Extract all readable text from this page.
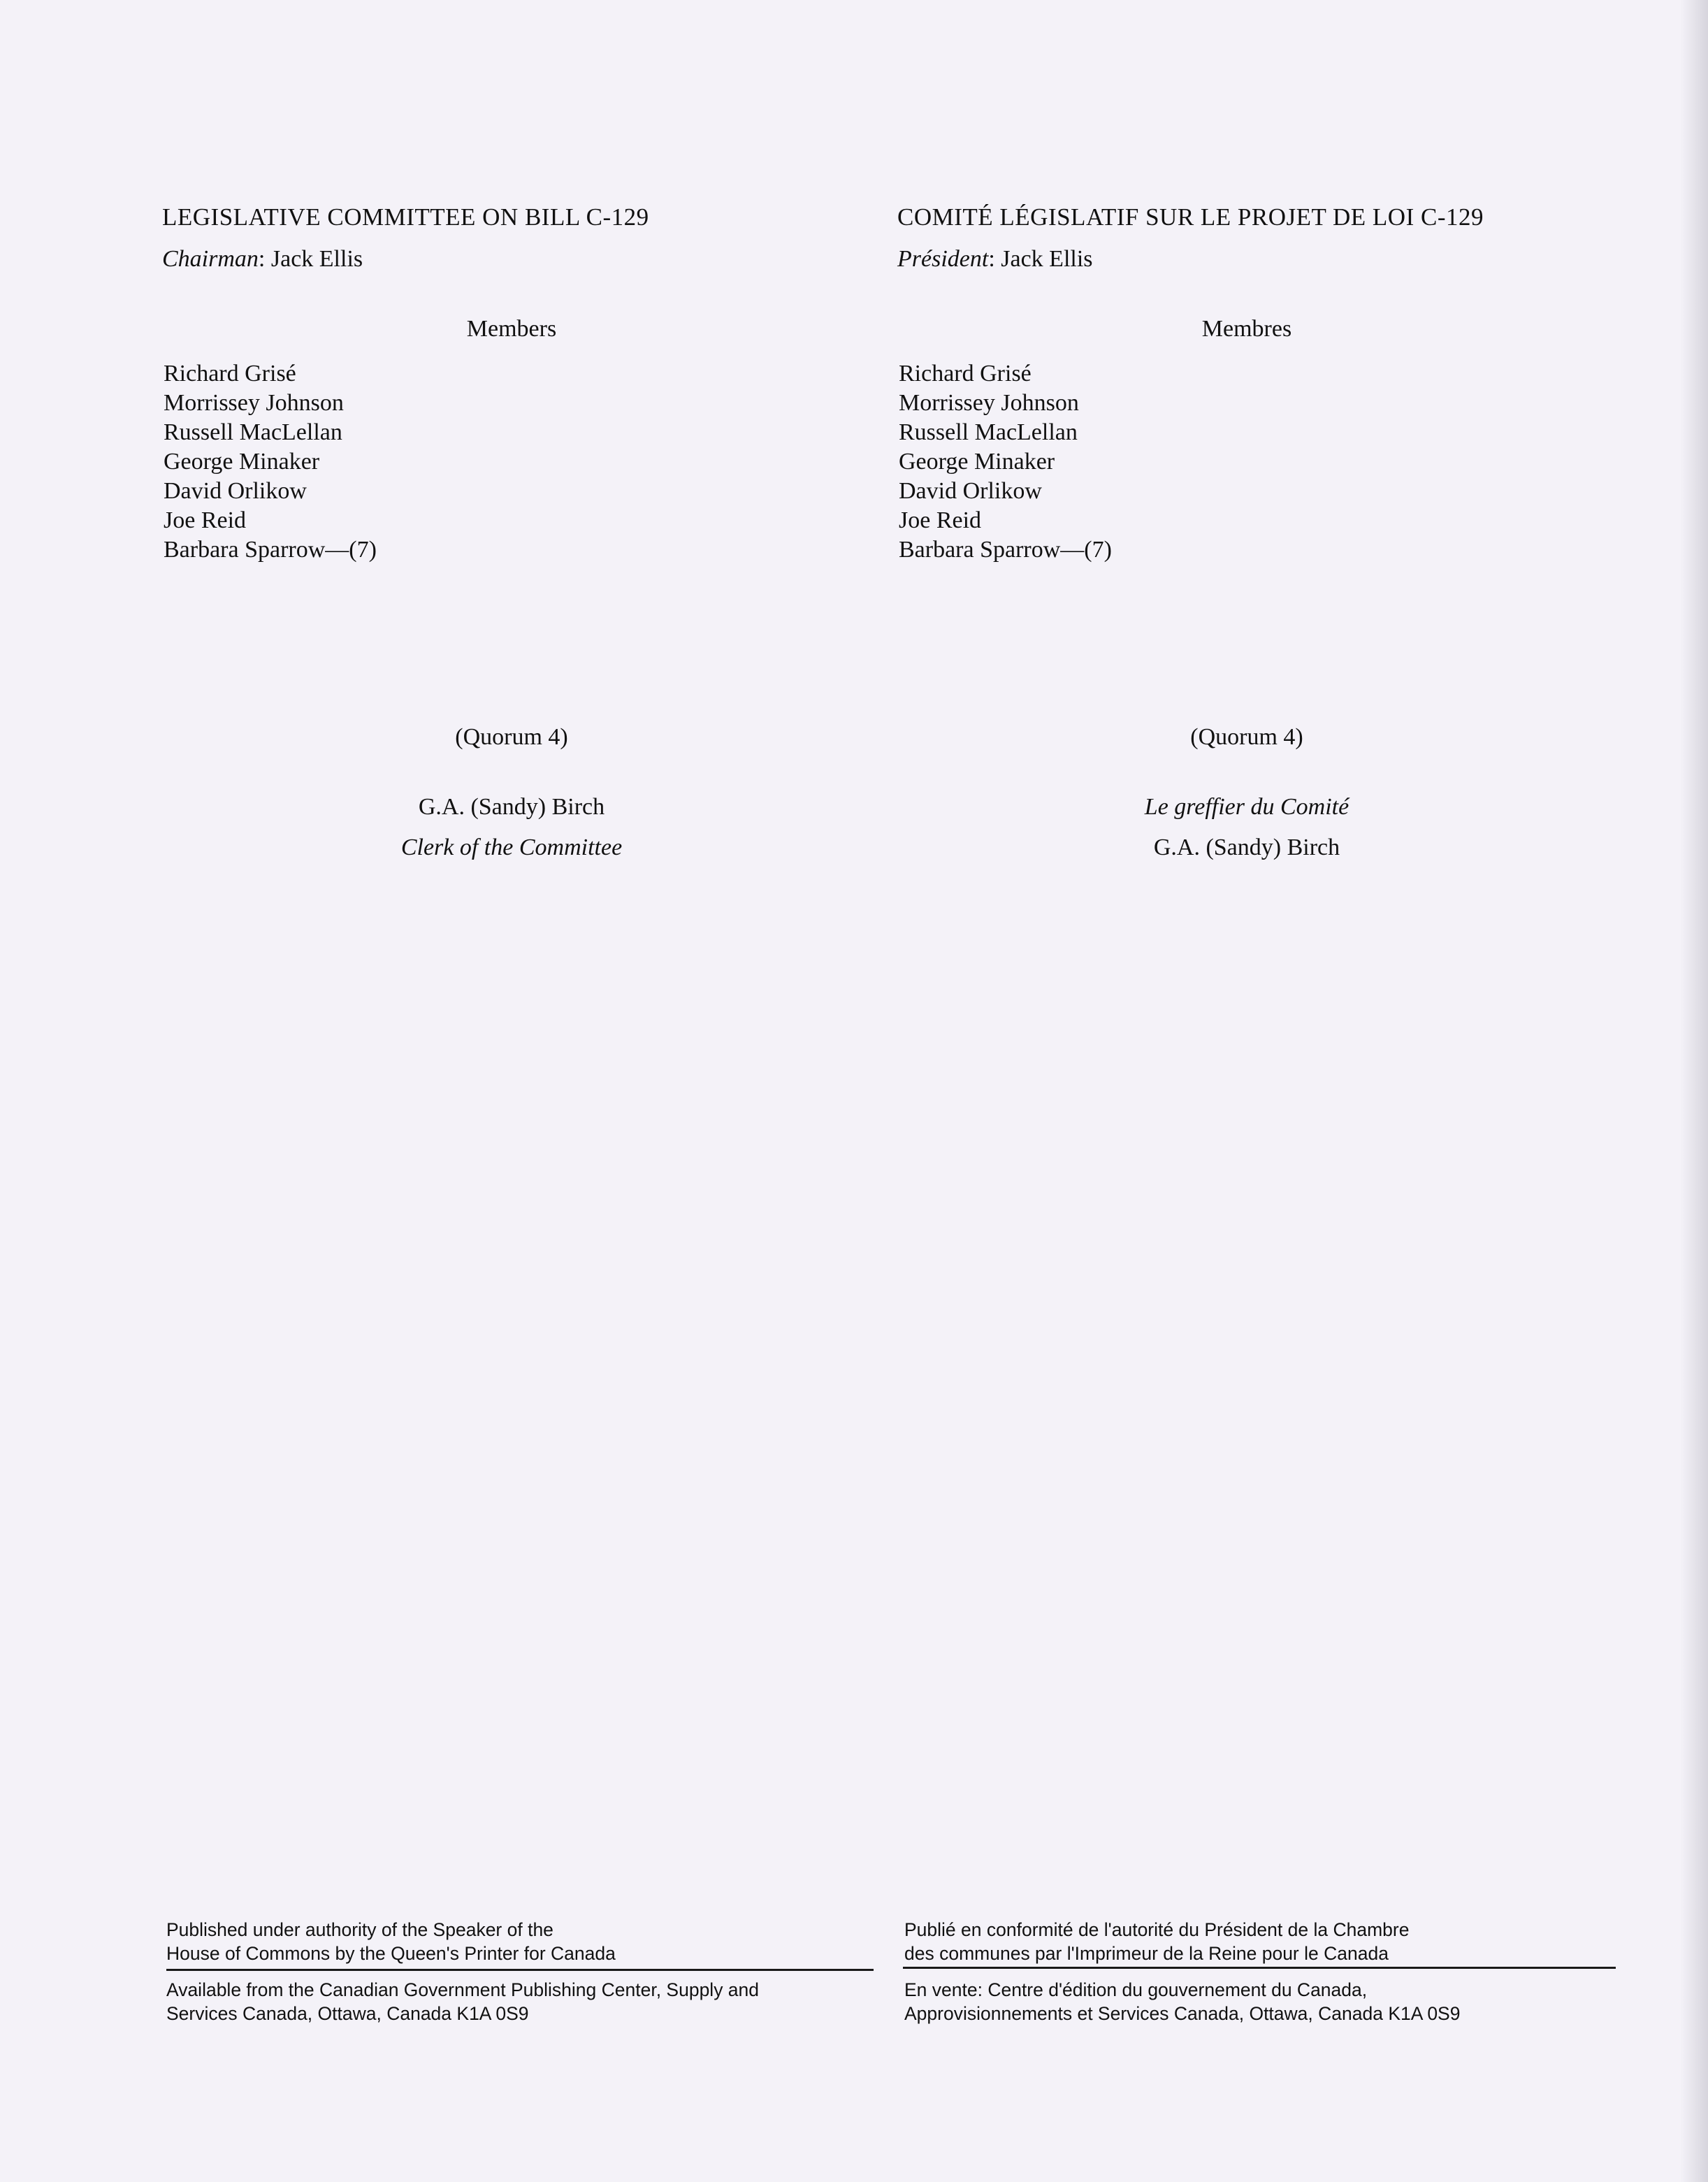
LEGISLATIVE COMMITTEE ON BILL C-129

Chairman: Jack Ellis
Members
Richard Grisé
Morrissey Johnson
Russell MacLellan
George Minaker
David Orlikow
Joe Reid
Barbara Sparrow—(7)
(Quorum 4)
G.A. (Sandy) Birch
Clerk of the Committee

COMITÉ LÉGISLATIF SUR LE PROJET DE LOI C-129

Président: Jack Ellis
Membres
Richard Grisé
Morrissey Johnson
Russell MacLellan
George Minaker
David Orlikow
Joe Reid
Barbara Sparrow—(7)
(Quorum 4)
Le greffier du Comité
G.A. (Sandy) Birch
Published under authority of the Speaker of the
House of Commons by the Queen's Printer for Canada
Publié en conformité de l'autorité du Président de la Chambre
des communes par l'Imprimeur de la Reine pour le Canada
Available from the Canadian Government Publishing Center, Supply and
Services Canada, Ottawa, Canada K1A 0S9
En vente: Centre d'édition du gouvernement du Canada,
Approvisionnements et Services Canada, Ottawa, Canada K1A 0S9
